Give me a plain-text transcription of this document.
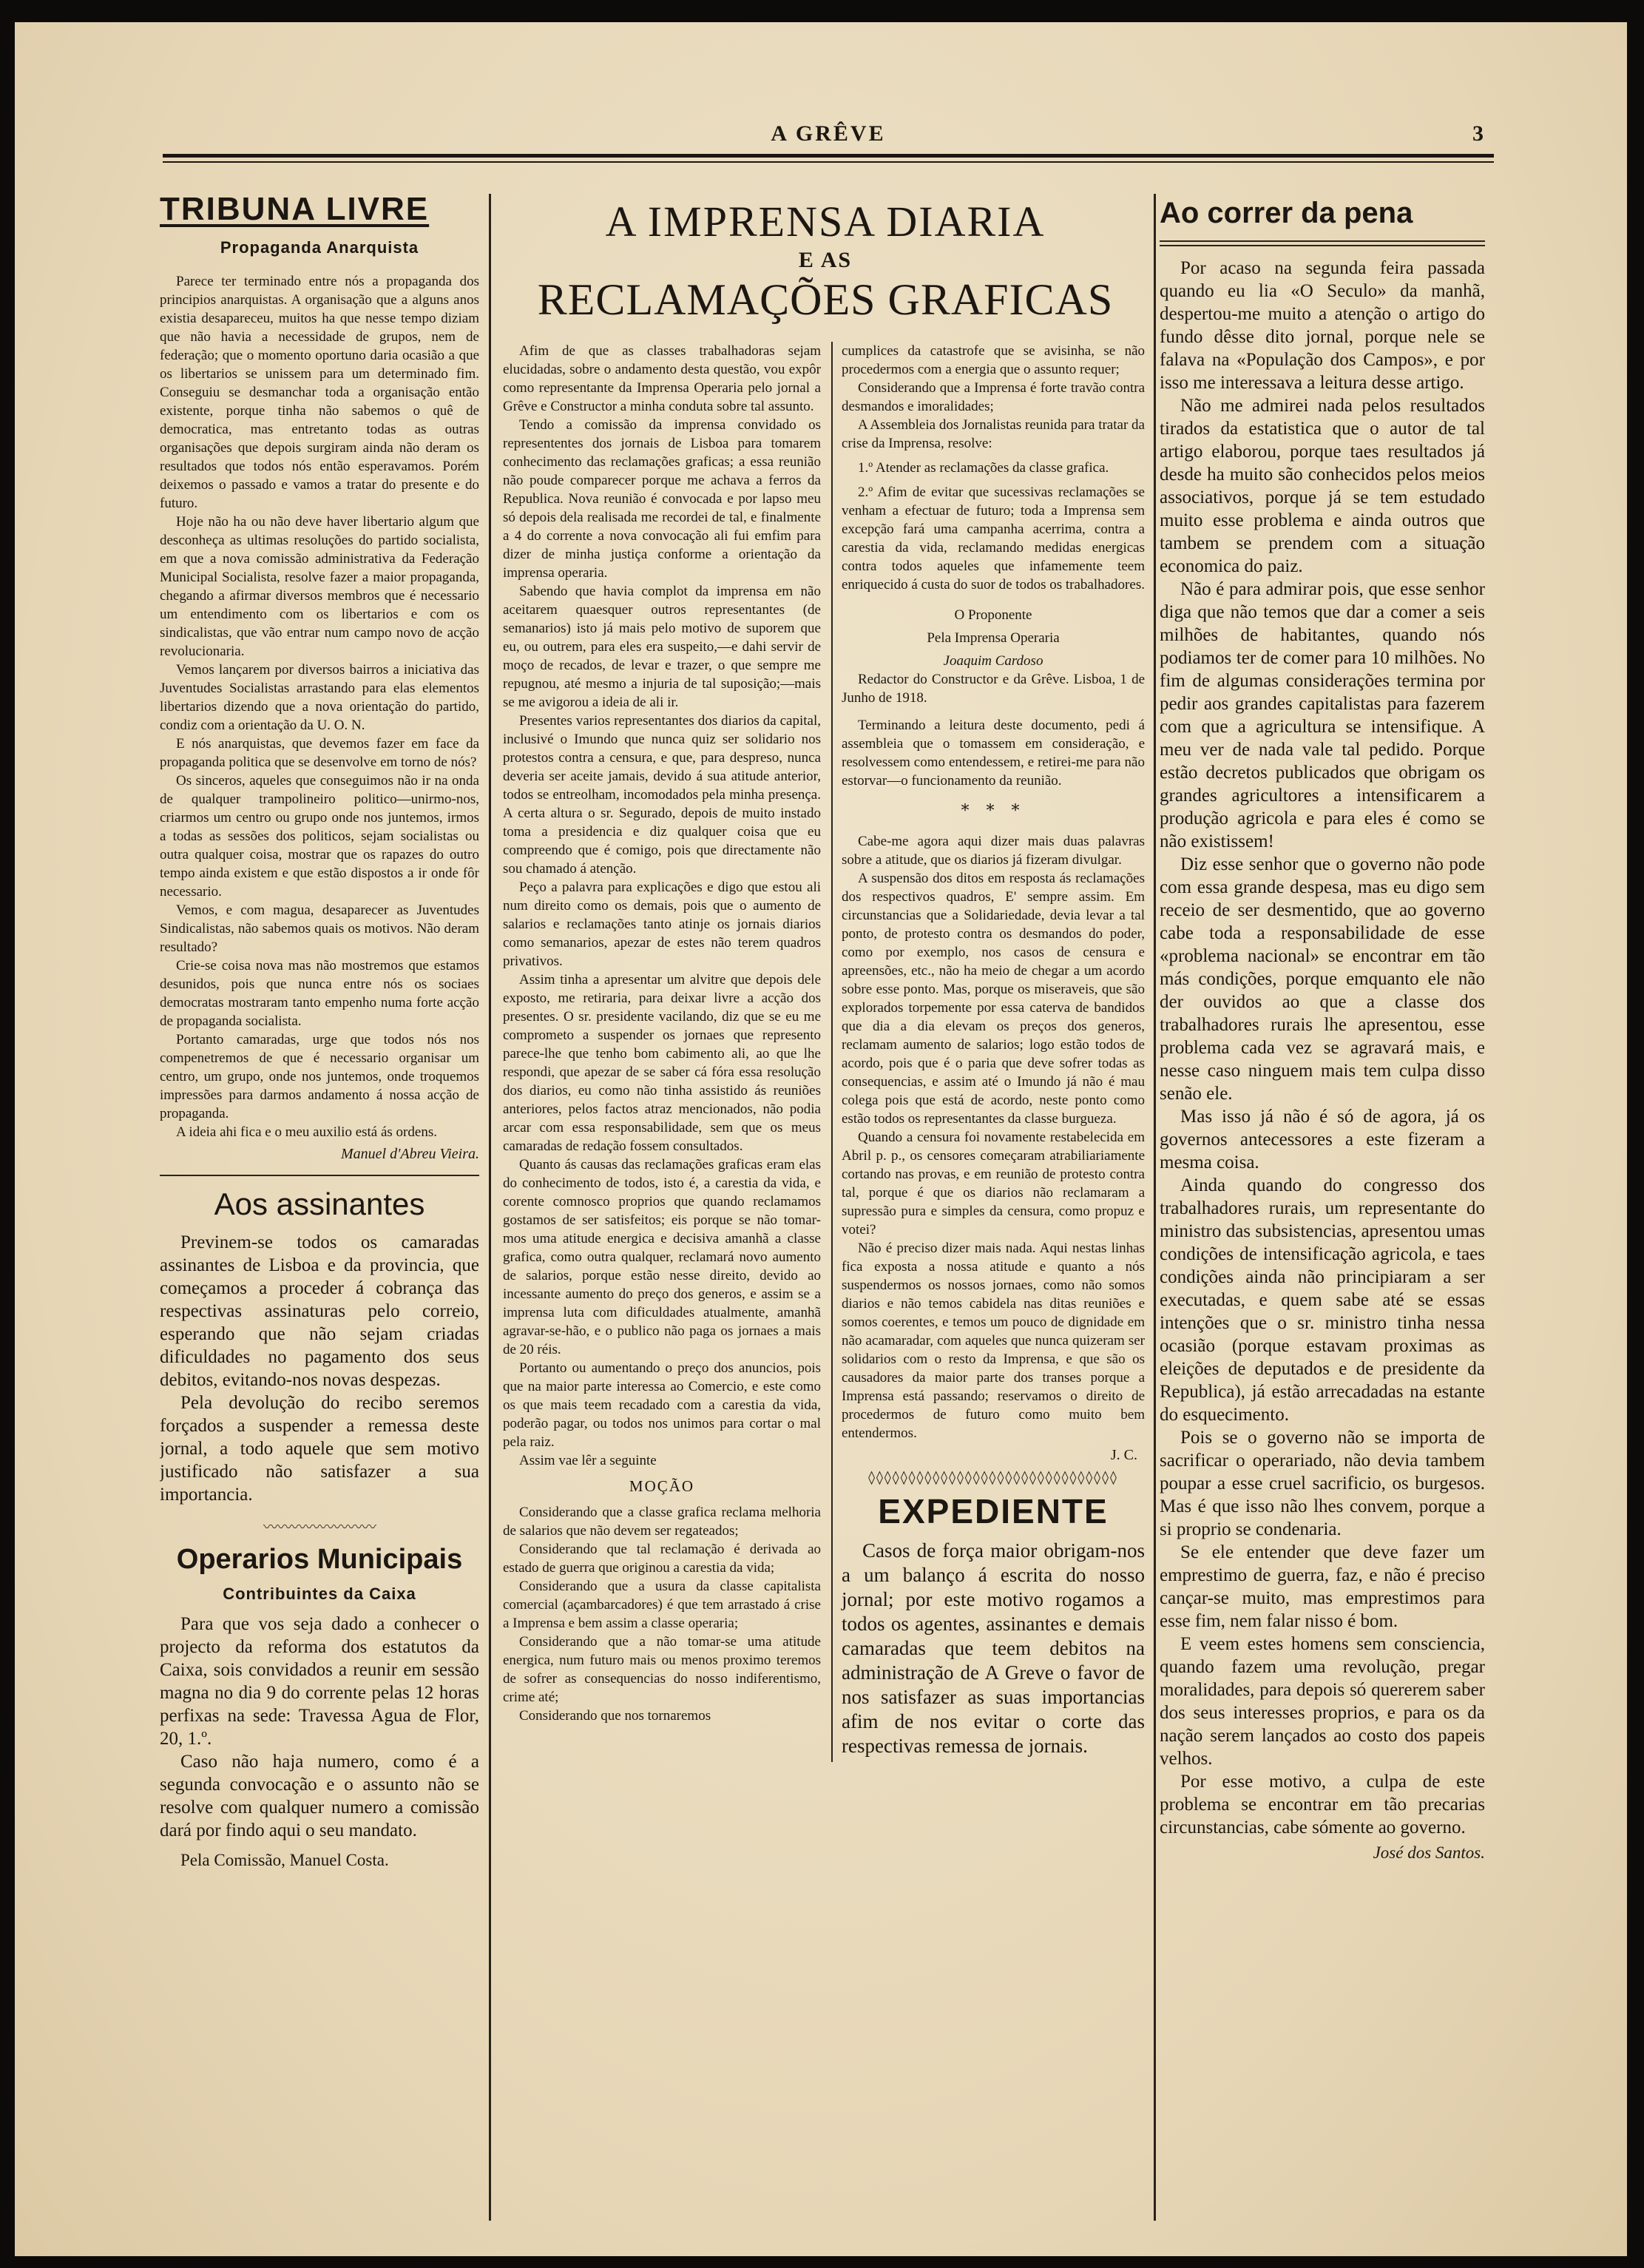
A GRÊVE	3
TRIBUNA LIVRE
Propaganda Anarquista

Parece ter terminado entre nós a propaganda dos principios anarquistas. A organisação que a alguns anos existia desapareceu, muitos ha que nesse tempo diziam que não havia a necessidade de grupos, nem de federação; que o momento oportuno daria ocasião a que os libertarios se unissem para um determinado fim. Conseguiu se desmanchar toda a organisação então existente, porque tinha não sabemos o quê de democratica, mas entretanto todas as outras organisações que depois surgiram ainda não deram os resultados que todos nós então esperavamos. Porém deixemos o passado e vamos a tratar do presente e do futuro.

Hoje não ha ou não deve haver libertario algum que desconheça as ultimas resoluções do partido socialista, em que a nova comissão administrativa da Federação Municipal Socialista, resolve fazer a maior propaganda, chegando a afirmar diversos membros que é necessario um entendimento com os libertarios e com os sindicalistas, que vão entrar num campo novo de acção revolucionaria.

Vemos lançarem por diversos bairros a iniciativa das Juventudes Socialistas arrastando para elas elementos libertarios dizendo que a nova orientação do partido, condiz com a orientação da U. O. N.

E nós anarquistas, que devemos fazer em face da propaganda politica que se desenvolve em torno de nós?

Os sinceros, aqueles que conseguimos não ir na onda de qualquer trampolineiro politico—unirmo-nos, criarmos um centro ou grupo onde nos juntemos, irmos a todas as sessões dos politicos, sejam socialistas ou outra qualquer coisa, mostrar que os rapazes do outro tempo ainda existem e que estão dispostos a ir onde fôr necessario.

Vemos, e com magua, desaparecer as Juventudes Sindicalistas, não sabemos quais os motivos. Não deram resultado?

Crie-se coisa nova mas não mostremos que estamos desunidos, pois que nunca entre nós os sociaes democratas mostraram tanto empenho numa forte acção de propaganda socialista.

Portanto camaradas, urge que todos nós nos compenetremos de que é necessario organisar um centro, um grupo, onde nos juntemos, onde troquemos impressões para darmos andamento á nossa acção de propaganda.

A ideia ahi fica e o meu auxilio está ás ordens.

Manuel d'Abreu Vieira.
Aos assinantes

Previnem-se todos os camaradas assinantes de Lisboa e da provincia, que começamos a proceder á cobrança das respectivas assinaturas pelo correio, esperando que não sejam criadas dificuldades no pagamento dos seus debitos, evitando-nos novas despezas.

Pela devolução do recibo seremos forçados a suspender a remessa deste jornal, a todo aquele que sem motivo justificado não satisfazer a sua importancia.

〰〰〰〰〰〰〰〰
Operarios Municipais
Contribuintes da Caixa

Para que vos seja dado a conhecer o projecto da reforma dos estatutos da Caixa, sois convidados a reunir em sessão magna no dia 9 do corrente pelas 12 horas perfixas na sede: Travessa Agua de Flor, 20, 1.º.

Caso não haja numero, como é a segunda convocação e o assunto não se resolve com qualquer numero a comissão dará por findo aqui o seu mandato.

Pela Comissão, Manuel Costa.
A IMPRENSA DIARIA
E AS
RECLAMAÇÕES GRAFICAS

Afim de que as classes trabalhadoras sejam elucidadas, sobre o andamento desta questão, vou expôr como representante da Imprensa Operaria pelo jornal a Grêve e Constructor a minha conduta sobre tal assunto.

Tendo a comissão da imprensa convidado os represententes dos jornais de Lisboa para tomarem conhecimento das reclamações graficas; a essa reunião não poude comparecer porque me achava a ferros da Republica. Nova reunião é convocada e por lapso meu só depois dela realisada me recordei de tal, e finalmente a 4 do corrente a nova convocação ali fui emfim para dizer de minha justiça conforme a orientação da imprensa operaria.

Sabendo que havia complot da imprensa em não aceitarem quaesquer outros representantes (de semanarios) isto já mais pelo motivo de suporem que eu, ou outrem, para eles era suspeito,—e dahi servir de moço de recados, de levar e trazer, o que sempre me repugnou, até mesmo a injuria de tal suposição;—mais se me avigorou a ideia de ali ir.

Presentes varios representantes dos diarios da capital, inclusivé o Imundo que nunca quiz ser solidario nos protestos contra a censura, e que, para despreso, nunca deveria ser aceite jamais, devido á sua atitude anterior, todos se entreolham, incomodados pela minha presença. A certa altura o sr. Segurado, depois de muito instado toma a presidencia e diz qualquer coisa que eu compreendo que é comigo, pois que directamente não sou chamado á atenção.

Peço a palavra para explicações e digo que estou ali num direito como os demais, pois que o aumento de salarios e reclamações tanto atinje os jornais diarios como semanarios, apezar de estes não terem quadros privativos.

Assim tinha a apresentar um alvitre que depois dele exposto, me retiraria, para deixar livre a acção dos presentes. O sr. presidente vacilando, diz que se eu me comprometo a suspender os jornaes que represento parece-lhe que tenho bom cabimento ali, ao que lhe respondi, que apezar de se saber cá fóra essa resolução dos diarios, eu como não tinha assistido ás reuniões anteriores, pelos factos atraz mencionados, não podia arcar com essa responsabilidade, sem que os meus camaradas de redação fossem consultados.

Quanto ás causas das reclamações graficas eram elas do conhecimento de todos, isto é, a carestia da vida, e corente comnosco proprios que quando reclamamos gostamos de ser satisfeitos; eis porque se não tomar-mos uma atitude energica e decisiva amanhã a classe grafica, como outra qualquer, reclamará novo aumento de salarios, porque estão nesse direito, devido ao incessante aumento do preço dos generos, e assim se a imprensa luta com dificuldades atualmente, amanhã agravar-se-hão, e o publico não paga os jornaes a mais de 20 réis.

Portanto ou aumentando o preço dos anuncios, pois que na maior parte interessa ao Comercio, e este como os que mais teem recadado com a carestia da vida, poderão pagar, ou todos nos unimos para cortar o mal pela raiz.

Assim vae lêr a seguinte

MOÇÃO

Considerando que a classe grafica reclama melhoria de salarios que não devem ser regateados;

Considerando que tal reclamação é derivada ao estado de guerra que originou a carestia da vida;

Considerando que a usura da classe capitalista comercial (açambarcadores) é que tem arrastado á crise a Imprensa e bem assim a classe operaria;

Considerando que a não tomar-se uma atitude energica, num futuro mais ou menos proximo teremos de sofrer as consequencias do nosso indiferentismo, crime até;

Considerando que nos tornaremos

cumplices da catastrofe que se avisinha, se não procedermos com a energia que o assunto requer;

Considerando que a Imprensa é forte travão contra desmandos e imoralidades;

A Assembleia dos Jornalistas reunida para tratar da crise da Imprensa, resolve:

1.º Atender as reclamações da classe grafica.

2.º Afim de evitar que sucessivas reclamações se venham a efectuar de futuro; toda a Imprensa sem excepção fará uma campanha acerrima, contra a carestia da vida, reclamando medidas energicas contra todos aqueles que infamemente teem enriquecido á custa do suor de todos os trabalhadores.

O Proponente

Pela Imprensa Operaria

Joaquim Cardoso

Redactor do Constructor e da Grêve. Lisboa, 1 de Junho de 1918.

Terminando a leitura deste documento, pedi á assembleia que o tomassem em consideração, e resolvessem como entendessem, e retirei-me para não estorvar—o funcionamento da reunião.

* * *

Cabe-me agora aqui dizer mais duas palavras sobre a atitude, que os diarios já fizeram divulgar.

A suspensão dos ditos em resposta ás reclamações dos respectivos quadros, E' sempre assim. Em circunstancias que a Solidariedade, devia levar a tal ponto, de protesto contra os desmandos do poder, como por exemplo, nos casos de censura e apreensões, etc., não ha meio de chegar a um acordo sobre esse ponto. Mas, porque os miseraveis, que são explorados torpemente por essa caterva de bandidos que dia a dia elevam os preços dos generos, reclamam aumento de salarios; logo estão todos de acordo, pois que é o paria que deve sofrer todas as consequencias, e assim até o Imundo já não é mau colega pois que está de acordo, neste ponto como estão todos os representantes da classe burgueza.

Quando a censura foi novamente restabelecida em Abril p. p., os censores começaram atrabiliariamente cortando nas provas, e em reunião de protesto contra tal, porque é que os diarios não reclamaram a supressão pura e simples da censura, como propuz e votei?

Não é preciso dizer mais nada. Aqui nestas linhas fica exposta a nossa atitude e quanto a nós suspendermos os nossos jornaes, como não somos diarios e não temos cabidela nas ditas reuniões e somos coerentes, e temos um pouco de dignidade em não acamaradar, com aqueles que nunca quizeram ser solidarios com o resto da Imprensa, e que são os causadores da maior parte dos transes porque a Imprensa está passando; reservamos o direito de procedermos de futuro como muito bem entendermos.

J. C.
◊◊◊◊◊◊◊◊◊◊◊◊◊◊◊◊◊◊◊◊◊◊◊◊◊◊◊◊◊◊◊
EXPEDIENTE

Casos de força maior obrigam-nos a um balanço á escrita do nosso jornal; por este motivo rogamos a todos os agentes, assinantes e demais camaradas que teem debitos na administração de A Greve o favor de nos satisfazer as suas importancias afim de nos evitar o corte das respectivas remessa de jornais.

Ao correr da pena

Por acaso na segunda feira passada quando eu lia «O Seculo» da manhã, despertou-me muito a atenção o artigo do fundo dêsse dito jornal, porque nele se falava na «População dos Campos», e por isso me interessava a leitura desse artigo.

Não me admirei nada pelos resultados tirados da estatistica que o autor de tal artigo elaborou, porque taes resultados já desde ha muito são conhecidos pelos meios associativos, porque já se tem estudado muito esse problema e ainda outros que tambem se prendem com a situação economica do paiz.

Não é para admirar pois, que esse senhor diga que não temos que dar a comer a seis milhões de habitantes, quando nós podiamos ter de comer para 10 milhões. No fim de algumas considerações termina por pedir aos grandes capitalistas para fazerem com que a agricultura se intensifique. A meu ver de nada vale tal pedido. Porque estão decretos publicados que obrigam os grandes agricultores a intensificarem a produção agricola e para eles é como se não existissem!

Diz esse senhor que o governo não pode com essa grande despesa, mas eu digo sem receio de ser desmentido, que ao governo cabe toda a responsabilidade de esse «problema nacional» se encontrar em tão más condições, porque emquanto ele não der ouvidos ao que a classe dos trabalhadores rurais lhe apresentou, esse problema cada vez se agravará mais, e nesse caso ninguem mais tem culpa disso senão ele.

Mas isso já não é só de agora, já os governos antecessores a este fizeram a mesma coisa.

Ainda quando do congresso dos trabalhadores rurais, um representante do ministro das subsistencias, apresentou umas condições de intensificação agricola, e taes condições ainda não principiaram a ser executadas, e quem sabe até se essas intenções que o sr. ministro tinha nessa ocasião (porque estavam proximas as eleições de deputados e de presidente da Republica), já estão arrecadadas na estante do esquecimento.

Pois se o governo não se importa de sacrificar o operariado, não devia tambem poupar a esse cruel sacrificio, os burgesos. Mas é que isso não lhes convem, porque a si proprio se condenaria.

Se ele entender que deve fazer um emprestimo de guerra, faz, e não é preciso cançar-se muito, mas emprestimos para esse fim, nem falar nisso é bom.

E veem estes homens sem consciencia, quando fazem uma revolução, pregar moralidades, para depois só quererem saber dos seus interesses proprios, e para os da nação serem lançados ao costo dos papeis velhos.

Por esse motivo, a culpa de este problema se encontrar em tão precarias circunstancias, cabe sómente ao governo.

José dos Santos.
